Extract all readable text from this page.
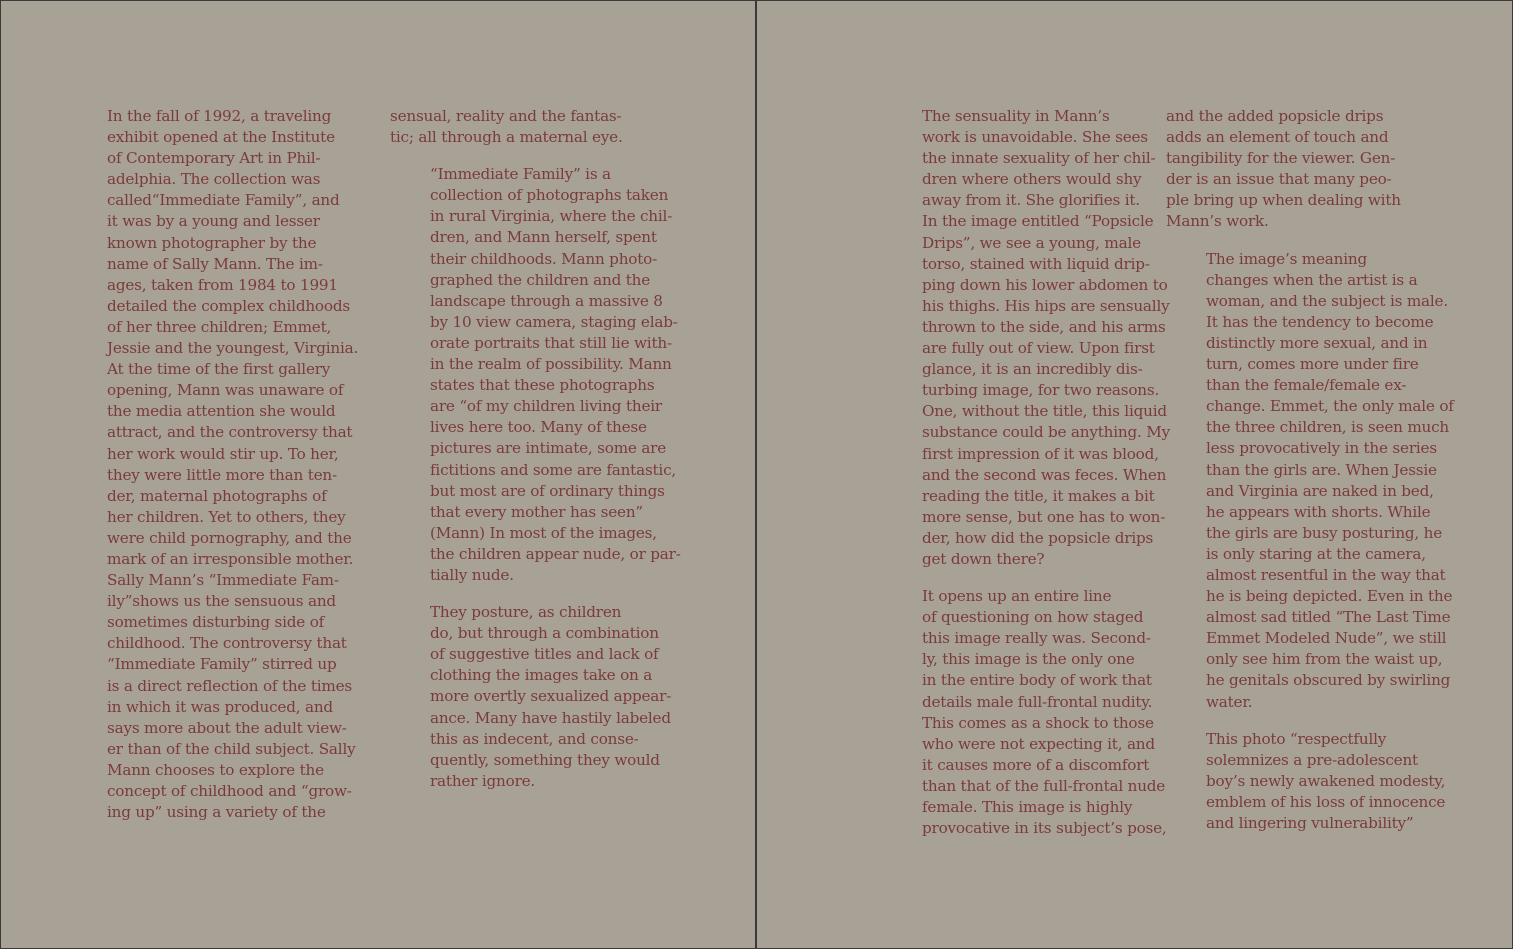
In the fall of 1992, a traveling
exhibit opened at the Institute
of Contemporary Art in Phil-
adelphia. The collection was
called“Immediate Family”, and
it was by a young and lesser
known photographer by the
name of Sally Mann. The im-
ages, taken from 1984 to 1991
detailed the complex childhoods
of her three children; Emmet,
Jessie and the youngest, Virginia.
At the time of the first gallery
opening, Mann was unaware of
the media attention she would
attract, and the controversy that
her work would stir up. To her,
they were little more than ten-
der, maternal photographs of
her children. Yet to others, they
were child pornography, and the
mark of an irresponsible mother.
Sally Mann’s “Immediate Fam-
ily”shows us the sensuous and
sometimes disturbing side of
childhood. The controversy that
“Immediate Family” stirred up
is a direct reflection of the times
in which it was produced, and
says more about the adult view-
er than of the child subject. Sally
Mann chooses to explore the
concept of childhood and “grow-
ing up” using a variety of the

sensual, reality and the fantas-
tic; all through a maternal eye.

“Immediate Family” is a
collection of photographs taken
in rural Virginia, where the chil-
dren, and Mann herself, spent
their childhoods. Mann photo-
graphed the children and the
landscape through a massive 8
by 10 view camera, staging elab-
orate portraits that still lie with-
in the realm of possibility. Mann
states that these photographs
are “of my children living their
lives here too. Many of these
pictures are intimate, some are
fictitions and some are fantastic,
but most are of ordinary things
that every mother has seen”
(Mann) In most of the images,
the children appear nude, or par-
tially nude.

They posture, as children
do, but through a combination
of suggestive titles and lack of
clothing the images take on a
more overtly sexualized appear-
ance. Many have hastily labeled
this as indecent, and conse-
quently, something they would
rather ignore.

The sensuality in Mann’s
work is unavoidable. She sees
the innate sexuality of her chil-
dren where others would shy
away from it. She glorifies it.
In the image entitled “Popsicle
Drips”, we see a young, male
torso, stained with liquid drip-
ping down his lower abdomen to
his thighs. His hips are sensually
thrown to the side, and his arms
are fully out of view. Upon first
glance, it is an incredibly dis-
turbing image, for two reasons.
One, without the title, this liquid
substance could be anything. My
first impression of it was blood,
and the second was feces. When
reading the title, it makes a bit
more sense, but one has to won-
der, how did the popsicle drips
get down there?

It opens up an entire line
of questioning on how staged
this image really was. Second-
ly, this image is the only one
in the entire body of work that
details male full-frontal nudity.
This comes as a shock to those
who were not expecting it, and
it causes more of a discomfort
than that of the full-frontal nude
female. This image is highly
provocative in its subject’s pose,

and the added popsicle drips
adds an element of touch and
tangibility for the viewer. Gen-
der is an issue that many peo-
ple bring up when dealing with
Mann’s work.

The image’s meaning
changes when the artist is a
woman, and the subject is male.
It has the tendency to become
distinctly more sexual, and in
turn, comes more under fire
than the female/female ex-
change. Emmet, the only male of
the three children, is seen much
less provocatively in the series
than the girls are. When Jessie
and Virginia are naked in bed,
he appears with shorts. While
the girls are busy posturing, he
is only staring at the camera,
almost resentful in the way that
he is being depicted. Even in the
almost sad titled “The Last Time
Emmet Modeled Nude”, we still
only see him from the waist up,
he genitals obscured by swirling
water.

This photo “respectfully
solemnizes a pre-adolescent
boy’s newly awakened modesty,
emblem of his loss of innocence
and lingering vulnerability”
